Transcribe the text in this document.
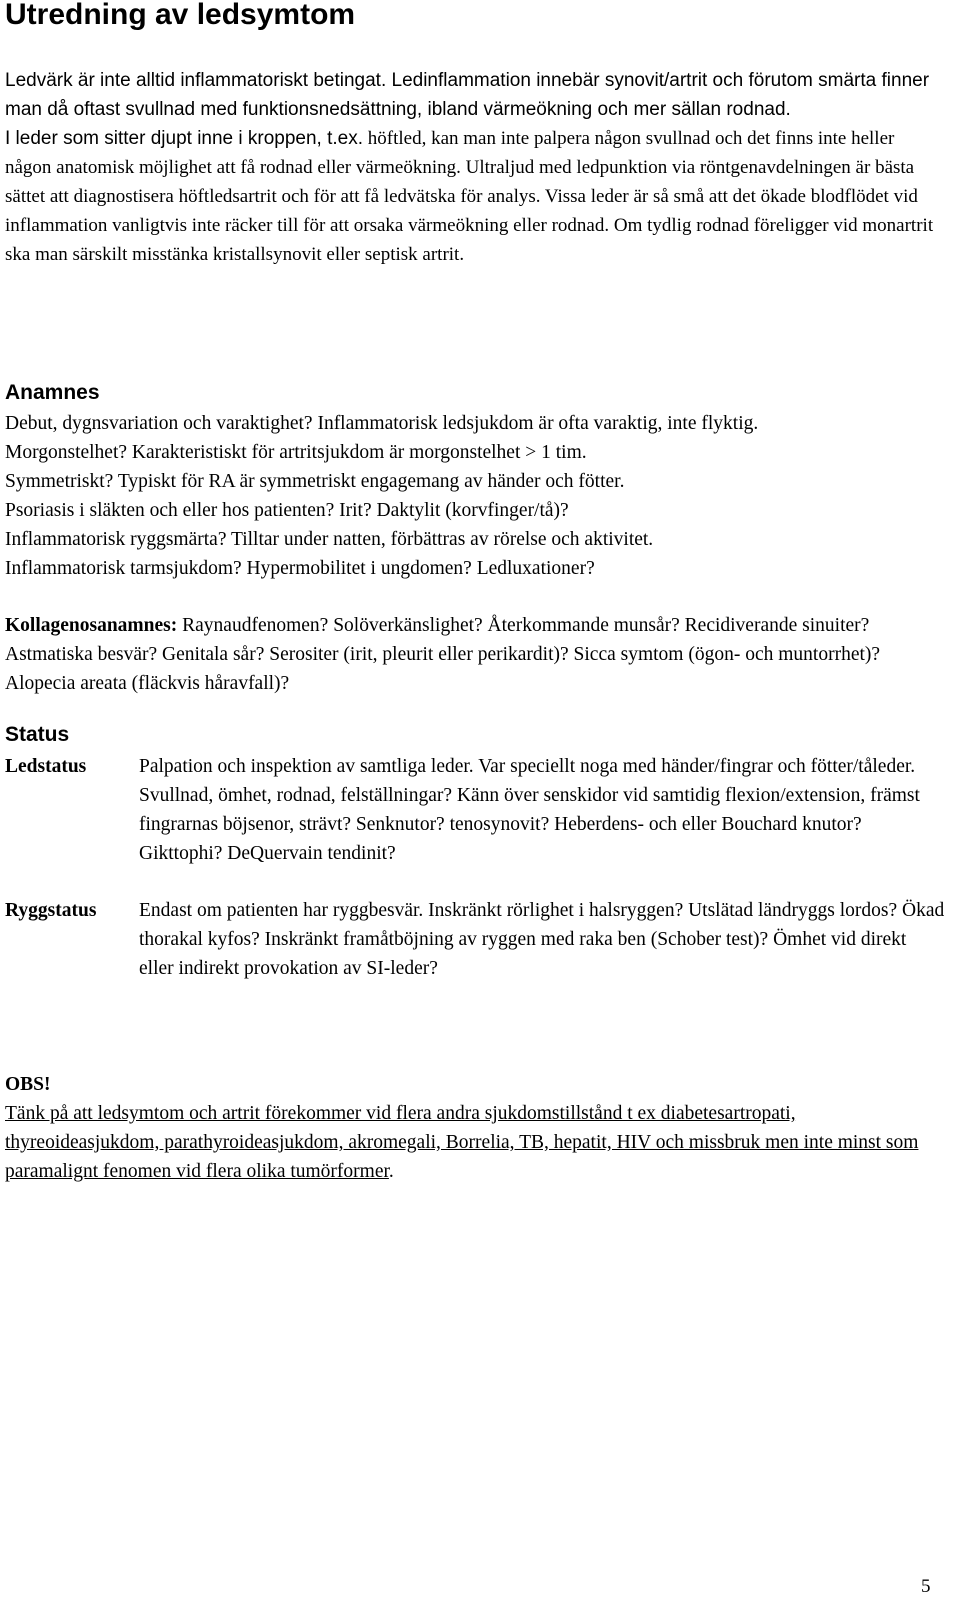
Utredning av ledsymtom

Ledvärk är inte alltid inflammatoriskt betingat. Ledinflammation innebär synovit/artrit och förutom smärta finner man då oftast svullnad med funktionsnedsättning, ibland värmeökning och mer sällan rodnad.

I leder som sitter djupt inne i kroppen, t.ex. höftled, kan man inte palpera någon svullnad och det finns inte heller någon anatomisk möjlighet att få rodnad eller värmeökning. Ultraljud med ledpunktion via röntgenavdelningen är bästa sättet att diagnostisera höftledsartrit och för att få ledvätska för analys. Vissa leder är så små att det ökade blodflödet vid inflammation vanligtvis inte räcker till för att orsaka värmeökning eller rodnad. Om tydlig rodnad föreligger vid monartrit ska man särskilt misstänka kristallsynovit eller septisk artrit.

Anamnes
Debut, dygnsvariation och varaktighet? Inflammatorisk ledsjukdom är ofta varaktig, inte flyktig.
Morgonstelhet? Karakteristiskt för artritsjukdom är morgonstelhet > 1 tim.
Symmetriskt? Typiskt för RA är symmetriskt engagemang av händer och fötter.
Psoriasis i släkten och eller hos patienten? Irit? Daktylit (korvfinger/tå)?
Inflammatorisk ryggsmärta? Tilltar under natten, förbättras av rörelse och aktivitet.
Inflammatorisk tarmsjukdom? Hypermobilitet i ungdomen? Ledluxationer?
Kollagenosanamnes: Raynaudfenomen? Solöverkänslighet? Återkommande munsår? Recidiverande sinuiter? Astmatiska besvär? Genitala sår? Serositer (irit, pleurit eller perikardit)? Sicca symtom (ögon- och muntorrhet)? Alopecia areata (fläckvis håravfall)?
Status
Ledstatus	Palpation och inspektion av samtliga leder. Var speciellt noga med händer/fingrar och fötter/tåleder. Svullnad, ömhet, rodnad, felställningar? Känn över senskidor vid samtidig flexion/extension, främst fingrarnas böjsenor, strävt? Senknutor? tenosynovit? Heberdens- och eller Bouchard knutor? Gikttophi? DeQuervain tendinit?
Ryggstatus Endast om patienten har ryggbesvär. Inskränkt rörlighet i halsryggen? Utslätad ländryggs lordos? Ökad thorakal kyfos? Inskränkt framåtböjning av ryggen med raka ben (Schober test)? Ömhet vid direkt eller indirekt provokation av SI-leder?
OBS!
Tänk på att ledsymtom och artrit förekommer vid flera andra sjukdomstillstånd t ex diabetesartropati, thyreoideasjukdom, parathyroideasjukdom, akromegali, Borrelia, TB, hepatit, HIV och missbruk men inte minst som paramalignt fenomen vid flera olika tumörformer.
5
